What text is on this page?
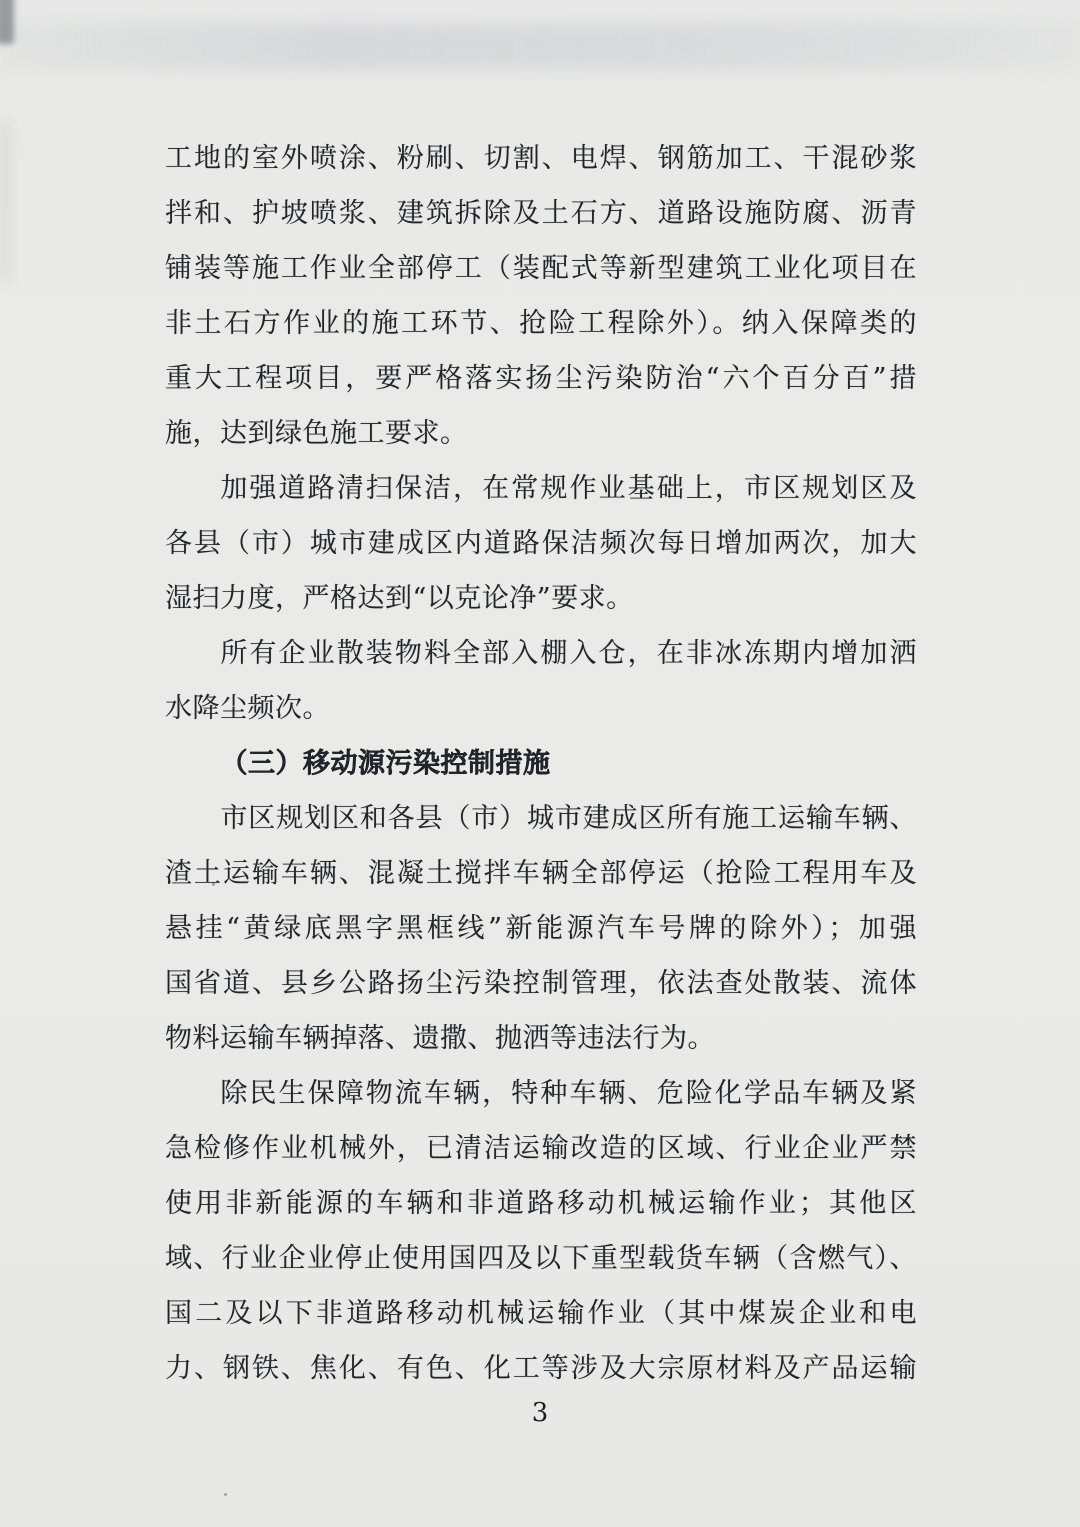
工地的室外喷涂、粉刷、切割、电焊、钢筋加工、干混砂浆
拌和、护坡喷浆、建筑拆除及土石方、道路设施防腐、沥青
铺装等施工作业全部停工（装配式等新型建筑工业化项目在
非土石方作业的施工环节、抢险工程除外）。纳入保障类的
重大工程项目，要严格落实扬尘污染防治“六个百分百”措
施，达到绿色施工要求。
加强道路清扫保洁，在常规作业基础上，市区规划区及
各县（市）城市建成区内道路保洁频次每日增加两次，加大
湿扫力度，严格达到“以克论净”要求。
所有企业散装物料全部入棚入仓，在非冰冻期内增加洒
水降尘频次。
（三）移动源污染控制措施
市区规划区和各县（市）城市建成区所有施工运输车辆、
渣土运输车辆、混凝土搅拌车辆全部停运（抢险工程用车及
悬挂“黄绿底黑字黑框线”新能源汽车号牌的除外）；加强
国省道、县乡公路扬尘污染控制管理，依法查处散装、流体
物料运输车辆掉落、遗撒、抛洒等违法行为。
除民生保障物流车辆，特种车辆、危险化学品车辆及紧
急检修作业机械外，已清洁运输改造的区域、行业企业严禁
使用非新能源的车辆和非道路移动机械运输作业；其他区
域、行业企业停止使用国四及以下重型载货车辆（含燃气）、
国二及以下非道路移动机械运输作业（其中煤炭企业和电
力、钢铁、焦化、有色、化工等涉及大宗原材料及产品运输
3
